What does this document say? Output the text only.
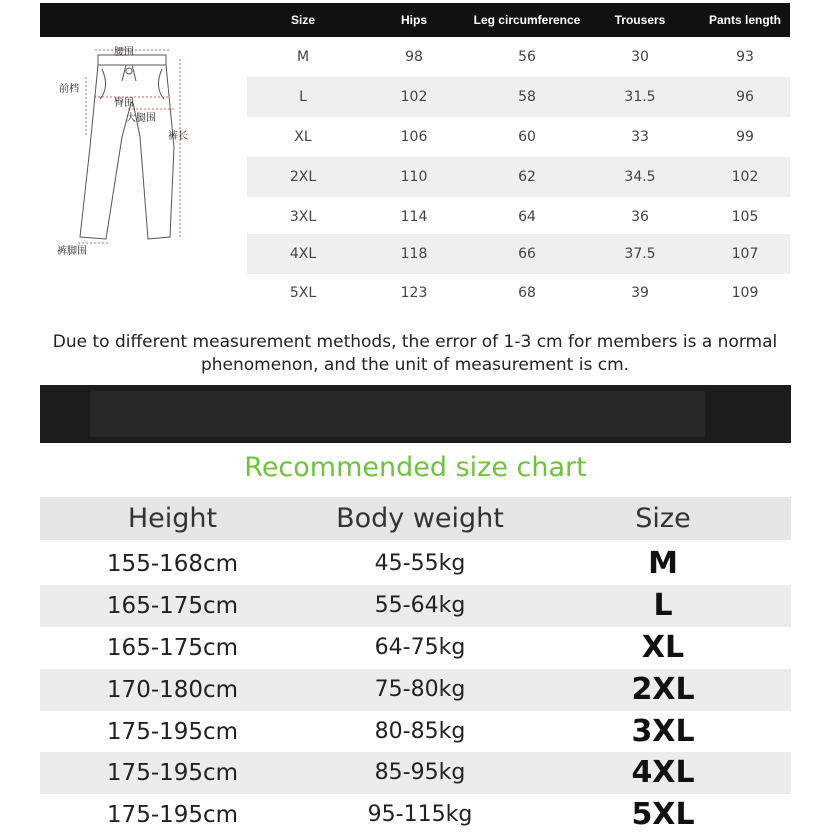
Size	Hips	Leg circumference	Trousers	Pants length
腰围
前档
臀围
大腿围
裤长
裤脚围
M	98	56	30	93
L	102	58	31.5	96
XL	106	60	33	99
2XL	110	62	34.5	102
3XL	114	64	36	105
4XL	118	66	37.5	107
5XL	123	68	39	109
Due to different measurement methods, the error of 1-3 cm for members is a normal phenomenon, and the unit of measurement is cm.
Recommended size chart
Height	Body weight	Size
155-168cm	45-55kg	M
165-175cm	55-64kg	L
165-175cm	64-75kg	XL
170-180cm	75-80kg	2XL
175-195cm	80-85kg	3XL
175-195cm	85-95kg	4XL
175-195cm	95-115kg	5XL
